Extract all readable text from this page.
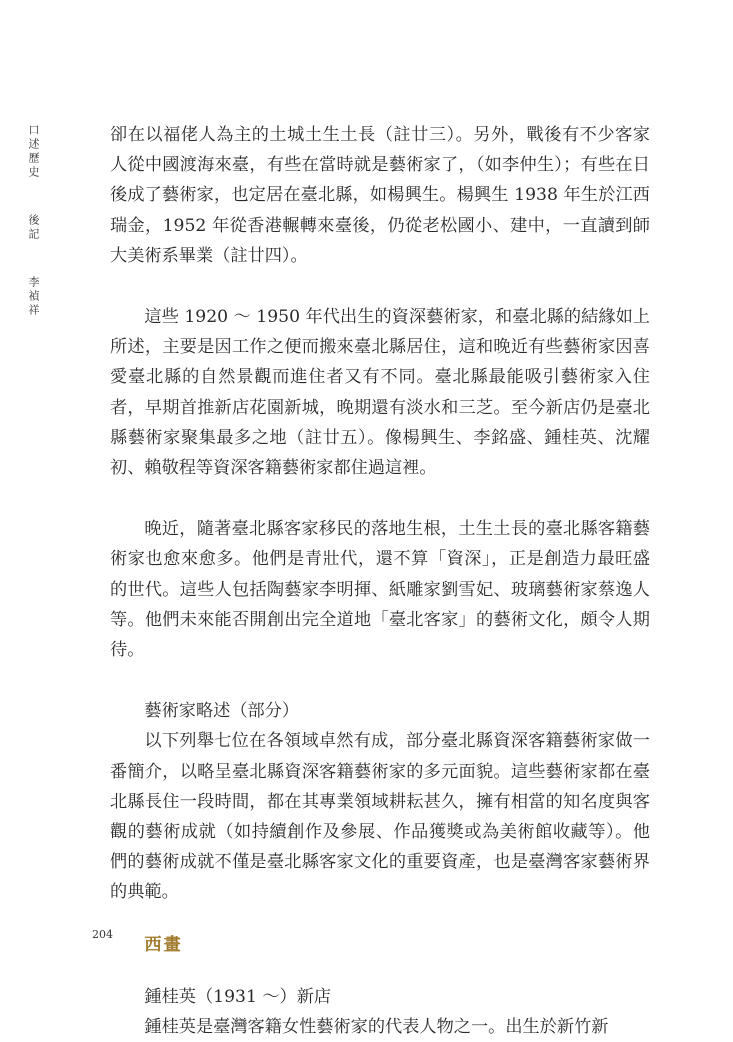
口述歷史
後記
李禎祥

卻在以福佬人為主的土城土生土長（註廿三）。另外，戰後有不少客家人從中國渡海來臺，有些在當時就是藝術家了，（如李仲生）；有些在日後成了藝術家，也定居在臺北縣，如楊興生。楊興生 1938 年生於江西瑞金，1952 年從香港輾轉來臺後，仍從老松國小、建中，一直讀到師大美術系畢業（註廿四）。

這些 1920 ～ 1950 年代出生的資深藝術家，和臺北縣的結緣如上所述，主要是因工作之便而搬來臺北縣居住，這和晚近有些藝術家因喜愛臺北縣的自然景觀而進住者又有不同。臺北縣最能吸引藝術家入住者，早期首推新店花園新城，晚期還有淡水和三芝。至今新店仍是臺北縣藝術家聚集最多之地（註廿五）。像楊興生、李銘盛、鍾桂英、沈耀初、賴敬程等資深客籍藝術家都住過這裡。

晚近，隨著臺北縣客家移民的落地生根，土生土長的臺北縣客籍藝術家也愈來愈多。他們是青壯代，還不算「資深」，正是創造力最旺盛的世代。這些人包括陶藝家李明揮、紙雕家劉雪妃、玻璃藝術家蔡逸人等。他們未來能否開創出完全道地「臺北客家」的藝術文化，頗令人期待。

藝術家略述（部分）

以下列舉七位在各領域卓然有成，部分臺北縣資深客籍藝術家做一番簡介，以略呈臺北縣資深客籍藝術家的多元面貌。這些藝術家都在臺北縣長住一段時間，都在其專業領域耕耘甚久，擁有相當的知名度與客觀的藝術成就（如持續創作及參展、作品獲獎或為美術館收藏等）。他們的藝術成就不僅是臺北縣客家文化的重要資產，也是臺灣客家藝術界的典範。

西畫

鍾桂英（1931 ～）新店

鍾桂英是臺灣客籍女性藝術家的代表人物之一。出生於新竹新

204
